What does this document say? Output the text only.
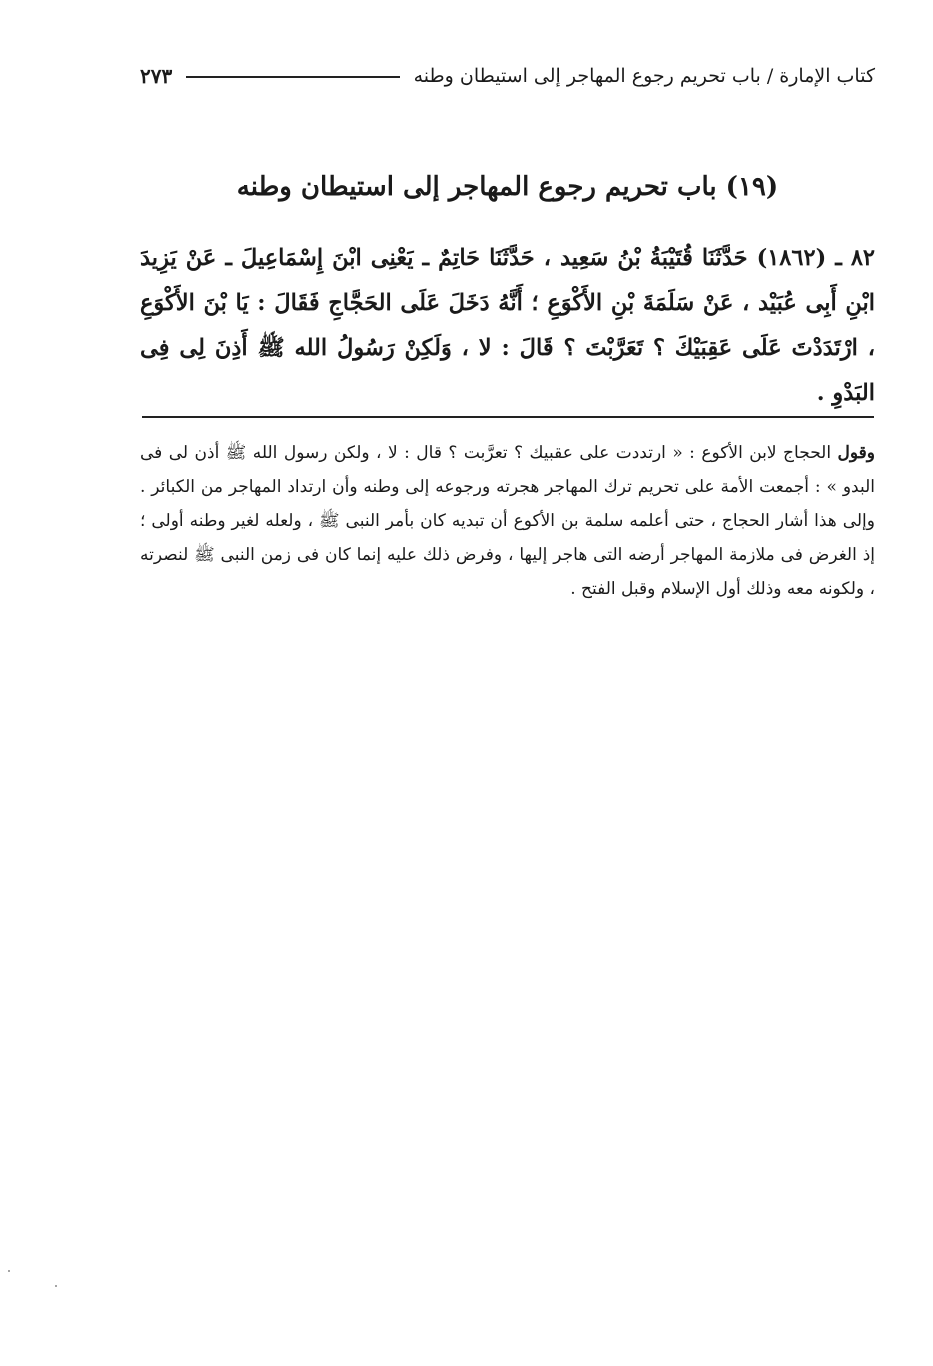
كتاب الإمارة / باب تحريم رجوع المهاجر إلى استيطان وطنه
٢٧٣
(١٩) باب تحريم رجوع المهاجر إلى استيطان وطنه
٨٢ ـ (١٨٦٢) حَدَّثَنَا قُتَيْبَةُ بْنُ سَعِيد ، حَدَّثَنَا حَاتِمٌ ـ يَعْنِى ابْنَ إِسْمَاعِيلَ ـ عَنْ يَزِيدَ ابْنِ أَبِى عُبَيْد ، عَنْ سَلَمَةَ بْنِ الأَكْوَعِ ؛ أَنَّهُ دَخَلَ عَلَى الحَجَّاجِ فَقَالَ : يَا بْنَ الأَكْوَعِ ، ارْتَدَدْتَ عَلَى عَقِبَيْكَ ؟ تَعَرَّبْتَ ؟ قَالَ : لا ، وَلَكِنْ رَسُولُ الله ﷺ أَذِنَ لِى فِى البَدْوِ .
وقول الحجاج لابن الأكوع : « ارتددت على عقبيك ؟ تعرَّبت ؟ قال : لا ، ولكن رسول الله ﷺ أذن لى فى البدو » : أجمعت الأمة على تحريم ترك المهاجر هجرته ورجوعه إلى وطنه وأن ارتداد المهاجر من الكبائر . وإلى هذا أشار الحجاج ، حتى أعلمه سلمة بن الأكوع أن تبديه كان بأمر النبى ﷺ ، ولعله لغير وطنه أولى ؛ إذ الغرض فى ملازمة المهاجر أرضه التى هاجر إليها ، وفرض ذلك عليه إنما كان فى زمن النبى ﷺ لنصرته ، ولكونه معه وذلك أول الإسلام وقبل الفتح .
